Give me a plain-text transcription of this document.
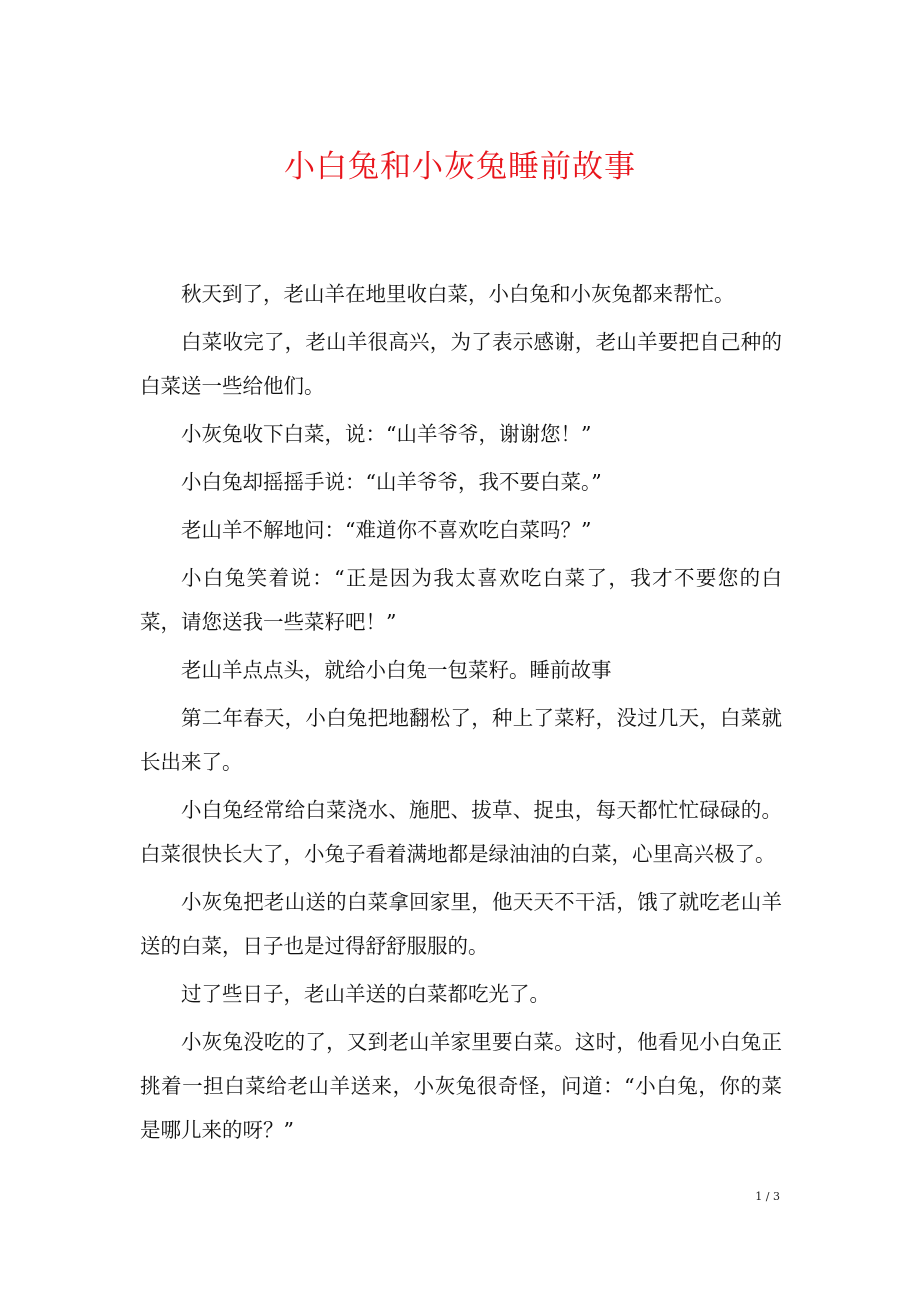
小白兔和小灰兔睡前故事

秋天到了，老山羊在地里收白菜，小白兔和小灰兔都来帮忙。

白菜收完了，老山羊很高兴，为了表示感谢，老山羊要把自己种的白菜送一些给他们。

小灰兔收下白菜，说：“山羊爷爷，谢谢您！”

小白兔却摇摇手说：“山羊爷爷，我不要白菜。”

老山羊不解地问：“难道你不喜欢吃白菜吗？”

小白兔笑着说：“正是因为我太喜欢吃白菜了，我才不要您的白菜，请您送我一些菜籽吧！”

老山羊点点头，就给小白兔一包菜籽。睡前故事

第二年春天，小白兔把地翻松了，种上了菜籽，没过几天，白菜就长出来了。

小白兔经常给白菜浇水、施肥、拔草、捉虫，每天都忙忙碌碌的。白菜很快长大了，小兔子看着满地都是绿油油的白菜，心里高兴极了。

小灰兔把老山送的白菜拿回家里，他天天不干活，饿了就吃老山羊送的白菜，日子也是过得舒舒服服的。

过了些日子，老山羊送的白菜都吃光了。

小灰兔没吃的了，又到老山羊家里要白菜。这时，他看见小白兔正挑着一担白菜给老山羊送来，小灰兔很奇怪，问道：“小白兔，你的菜是哪儿来的呀？”

1 / 3
